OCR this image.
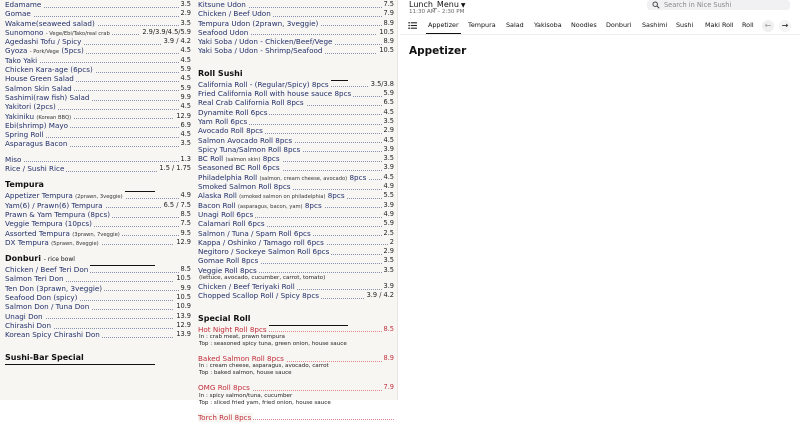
Edamame	3.5
Gomae	2.9
Wakame(seaweed salad)	3.5
Sunomono - Vege/Ebi/Tako/real crab	2.9/3.9/4.5/5.9
Agedashi Tofu / Spicy	3.9 / 4.2
Gyoza - Pork/Vege (5pcs)	4.5
Tako Yaki	4.5
Chicken Kara-age (6pcs)	5.9
House Green Salad	4.5
Salmon Skin Salad	5.9
Sashimi(raw fish) Salad	9.9
Yakitori (2pcs)	4.5
Yakiniku (Korean BBQ)	12.9
Ebi(shrimp) Mayo	6.9
Spring Roll	4.5
Asparagus Bacon	3.5
Miso	1.3
Rice / Sushi Rice	1.5 / 1.75
Tempura
Appetizer Tempura (2prawn, 3veggie)	4.9
Yam(6) / Prawn(6) Tempura	6.5 / 7.5
Prawn & Yam Tempura (8pcs)	8.5
Veggie Tempura (10pcs)	7.5
Assorted Tempura (3prawn, 7veggie)	9.5
DX Tempura (5prawn, 8veggie)	12.9
Donburi - rice bowl
Chicken / Beef Teri Don	8.5
Salmon Teri Don	10.5
Ten Don (3prawn, 3veggie)	9.9
Seafood Don (spicy)	10.5
Salmon Don / Tuna Don	10.9
Unagi Don	13.9
Chirashi Don	12.9
Korean Spicy Chirashi Don	13.9
Sushi-Bar Special
Kitsune Udon	7.5
Chicken / Beef Udon	7.9
Tempura Udon (2prawn, 3veggie)	8.9
Seafood Udon	10.5
Yaki Soba / Udon - Chicken/Beef/Vege	8.9
Yaki Soba / Udon - Shrimp/Seafood	10.5
Roll Sushi
California Roll - (Regular/Spicy) 8pcs	3.5/3.8
Fried California Roll with house sauce 8pcs	5.9
Real Crab California Roll 8pcs	6.5
Dynamite Roll 6pcs	4.5
Yam Roll 6pcs	3.5
Avocado Roll 8pcs	2.9
Salmon Avocado Roll 8pcs	4.5
Spicy Tuna/Salmon Roll 8pcs	3.9
BC Roll (salmon skin) 8pcs	3.5
Seasoned BC Roll 6pcs	3.9
Philadelphia Roll (salmon, cream cheese, avocado) 8pcs	4.5
Smoked Salmon Roll 8pcs	4.9
Alaska Roll (smoked salmon on philadelphia) 8pcs	5.5
Bacon Roll (asparagus, bacon, yam) 8pcs	3.9
Unagi Roll 6pcs	4.9
Calamari Roll 6pcs	5.9
Salmon / Tuna / Spam Roll 6pcs	2.5
Kappa / Oshinko / Tamago roll 6pcs	2
Negitoro / Sockeye Salmon Roll 6pcs	2.9
Gomae Roll 8pcs	3.5
Veggie Roll 8pcs	3.5
(lettuce, avocado, cucumber, carrot, tomato)
Chicken / Beef Teriyaki Roll	3.9
Chopped Scallop Roll / Spicy 8pcs	3.9 / 4.2
Special Roll
Hot Night Roll 8pcs	8.5
In : crab meat, prawn tempura
Top : seasoned spicy tuna, green onion, house sauce
Baked Salmon Roll 8pcs	8.9
In : cream cheese, asparagus, avocado, carrot
Top : baked salmon, house sauce
OMG Roll 8pcs	7.9
In : spicy salmon/tuna, cucumber
Top : sliced fried yam, fried onion, house sauce
Torch Roll 8pcs
Lunch_Menu ▼
11:30 AM – 2:30 PM
Search in Nice Sushi
Appetizer Tempura Salad Yakisoba Noodles Donburi Sashimi Sushi Maki Roll Roll ← →
Appetizer
